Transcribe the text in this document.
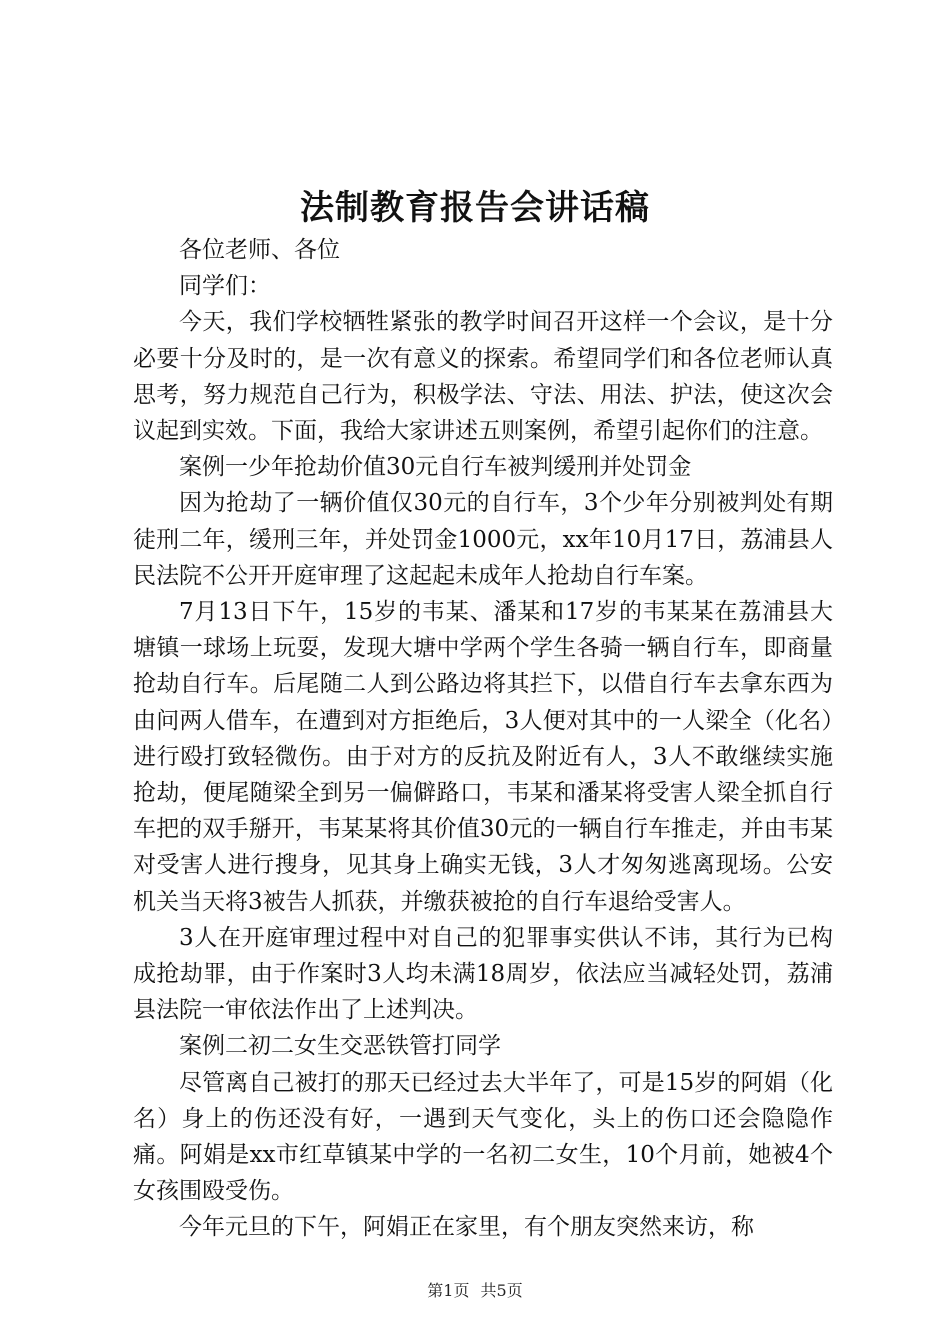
法制教育报告会讲话稿

各位老师、各位

同学们：

今天，我们学校牺牲紧张的教学时间召开这样一个会议，是十分必要十分及时的，是一次有意义的探索。希望同学们和各位老师认真思考，努力规范自己行为，积极学法、守法、用法、护法，使这次会议起到实效。下面，我给大家讲述五则案例，希望引起你们的注意。

案例一少年抢劫价值30元自行车被判缓刑并处罚金

因为抢劫了一辆价值仅30元的自行车，3个少年分别被判处有期徒刑二年，缓刑三年，并处罚金1000元，xx年10月17日，荔浦县人民法院不公开开庭审理了这起起未成年人抢劫自行车案。

7月13日下午，15岁的韦某、潘某和17岁的韦某某在荔浦县大塘镇一球场上玩耍，发现大塘中学两个学生各骑一辆自行车，即商量抢劫自行车。后尾随二人到公路边将其拦下，以借自行车去拿东西为由问两人借车，在遭到对方拒绝后，3人便对其中的一人梁全（化名）进行殴打致轻微伤。由于对方的反抗及附近有人，3人不敢继续实施抢劫，便尾随梁全到另一偏僻路口，韦某和潘某将受害人梁全抓自行车把的双手掰开，韦某某将其价值30元的一辆自行车推走，并由韦某对受害人进行搜身，见其身上确实无钱，3人才匆匆逃离现场。公安机关当天将3被告人抓获，并缴获被抢的自行车退给受害人。

3人在开庭审理过程中对自己的犯罪事实供认不讳，其行为已构成抢劫罪，由于作案时3人均未满18周岁，依法应当减轻处罚，荔浦县法院一审依法作出了上述判决。

案例二初二女生交恶铁管打同学

尽管离自己被打的那天已经过去大半年了，可是15岁的阿娟（化名）身上的伤还没有好，一遇到天气变化，头上的伤口还会隐隐作痛。阿娟是xx市红草镇某中学的一名初二女生，10个月前，她被4个女孩围殴受伤。

今年元旦的下午，阿娟正在家里，有个朋友突然来访，称

第1页 共5页
